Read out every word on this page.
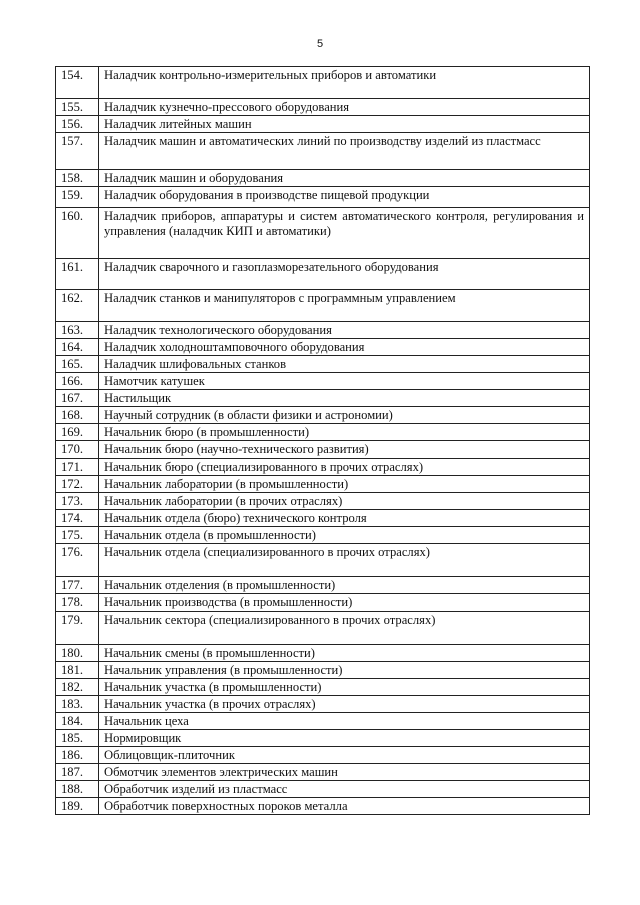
5
154.	Наладчик контрольно-измерительных приборов и автоматики
155.	Наладчик кузнечно-прессового оборудования
156.	Наладчик литейных машин
157.	Наладчик машин и автоматических линий по производству изделий из пластмасс
158.	Наладчик машин и оборудования
159.	Наладчик оборудования в производстве пищевой продукции
160.	Наладчик приборов, аппаратуры и систем автоматического контроля, регулирования и управления (наладчик КИП и автоматики)
161.	Наладчик сварочного и газоплазморезательного оборудования
162.	Наладчик станков и манипуляторов с программным управлением
163.	Наладчик технологического оборудования
164.	Наладчик холодноштамповочного оборудования
165.	Наладчик шлифовальных станков
166.	Намотчик катушек
167.	Настильщик
168.	Научный сотрудник (в области физики и астрономии)
169.	Начальник бюро (в промышленности)
170.	Начальник бюро (научно-технического развития)
171.	Начальник бюро (специализированного в прочих отраслях)
172.	Начальник лаборатории (в промышленности)
173.	Начальник лаборатории (в прочих отраслях)
174.	Начальник отдела (бюро) технического контроля
175.	Начальник отдела (в промышленности)
176.	Начальник отдела (специализированного в прочих отраслях)
177.	Начальник отделения (в промышленности)
178.	Начальник производства (в промышленности)
179.	Начальник сектора (специализированного в прочих отраслях)
180.	Начальник смены (в промышленности)
181.	Начальник управления (в промышленности)
182.	Начальник участка (в промышленности)
183.	Начальник участка (в прочих отраслях)
184.	Начальник цеха
185.	Нормировщик
186.	Облицовщик-плиточник
187.	Обмотчик элементов электрических машин
188.	Обработчик изделий из пластмасс
189.	Обработчик поверхностных пороков металла
